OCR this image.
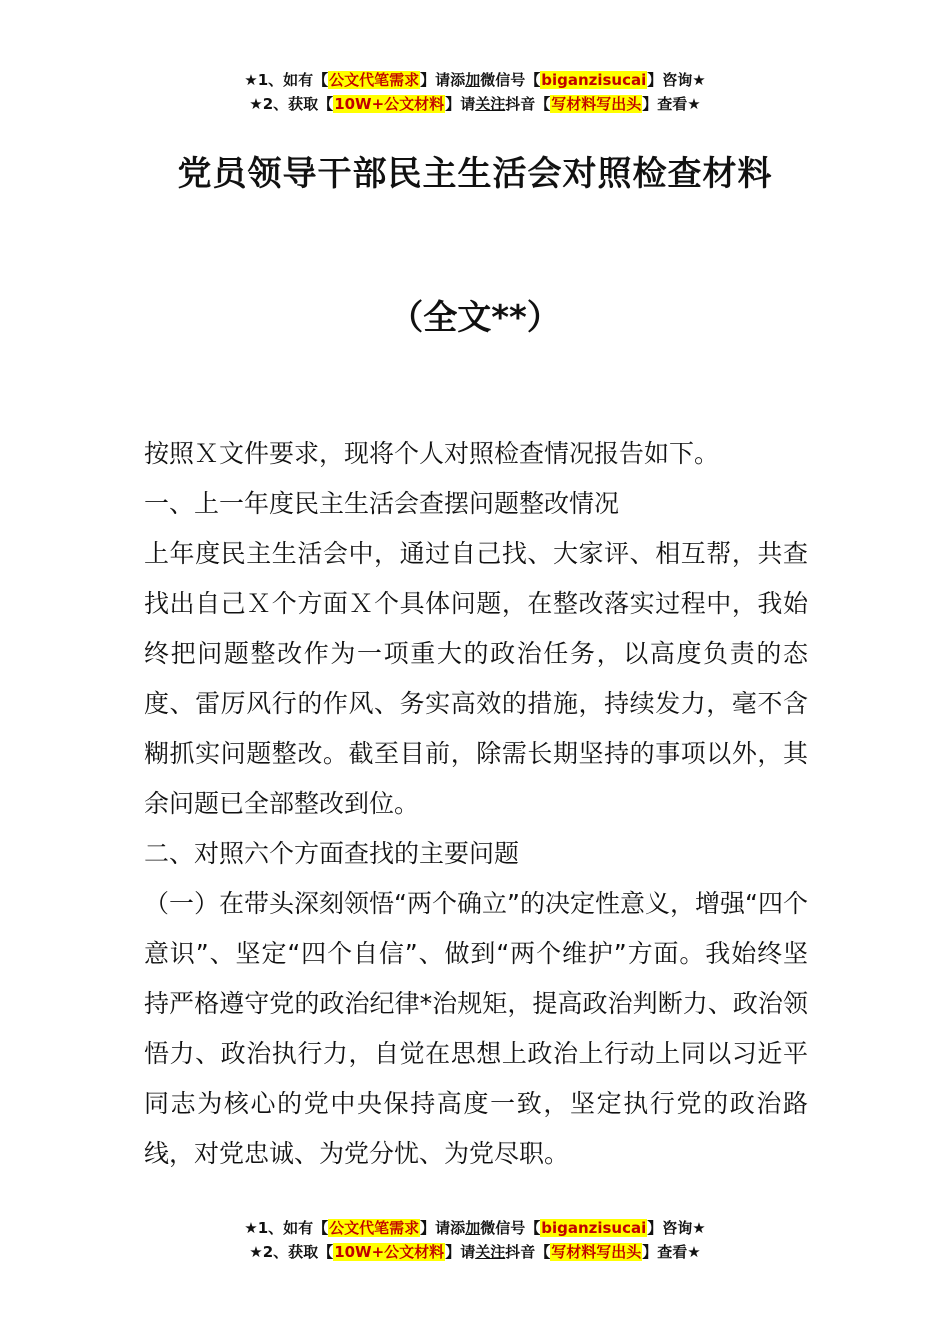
★1、如有【公文代笔需求】请添加微信号【biganzisucai】咨询★
★2、获取【10W+公文材料】请关注抖音【写材料写出头】查看★
党员领导干部民主生活会对照检查材料
（全文**）

按照Ｘ文件要求，现将个人对照检查情况报告如下。

一、上一年度民主生活会查摆问题整改情况

上年度民主生活会中，通过自己找、大家评、相互帮，共查找出自己Ｘ个方面Ｘ个具体问题，在整改落实过程中，我始终把问题整改作为一项重大的政治任务，以高度负责的态度、雷厉风行的作风、务实高效的措施，持续发力，毫不含糊抓实问题整改。截至目前，除需长期坚持的事项以外，其余问题已全部整改到位。

二、对照六个方面查找的主要问题

（一）在带头深刻领悟“两个确立”的决定性意义，增强“四个意识”、坚定“四个自信”、做到“两个维护”方面。我始终坚持严格遵守党的政治纪律*治规矩，提高政治判断力、政治领悟力、政治执行力，自觉在思想上政治上行动上同以习近平同志为核心的党中央保持高度一致，坚定执行党的政治路线，对党忠诚、为党分忧、为党尽职。

★1、如有【公文代笔需求】请添加微信号【biganzisucai】咨询★
★2、获取【10W+公文材料】请关注抖音【写材料写出头】查看★
